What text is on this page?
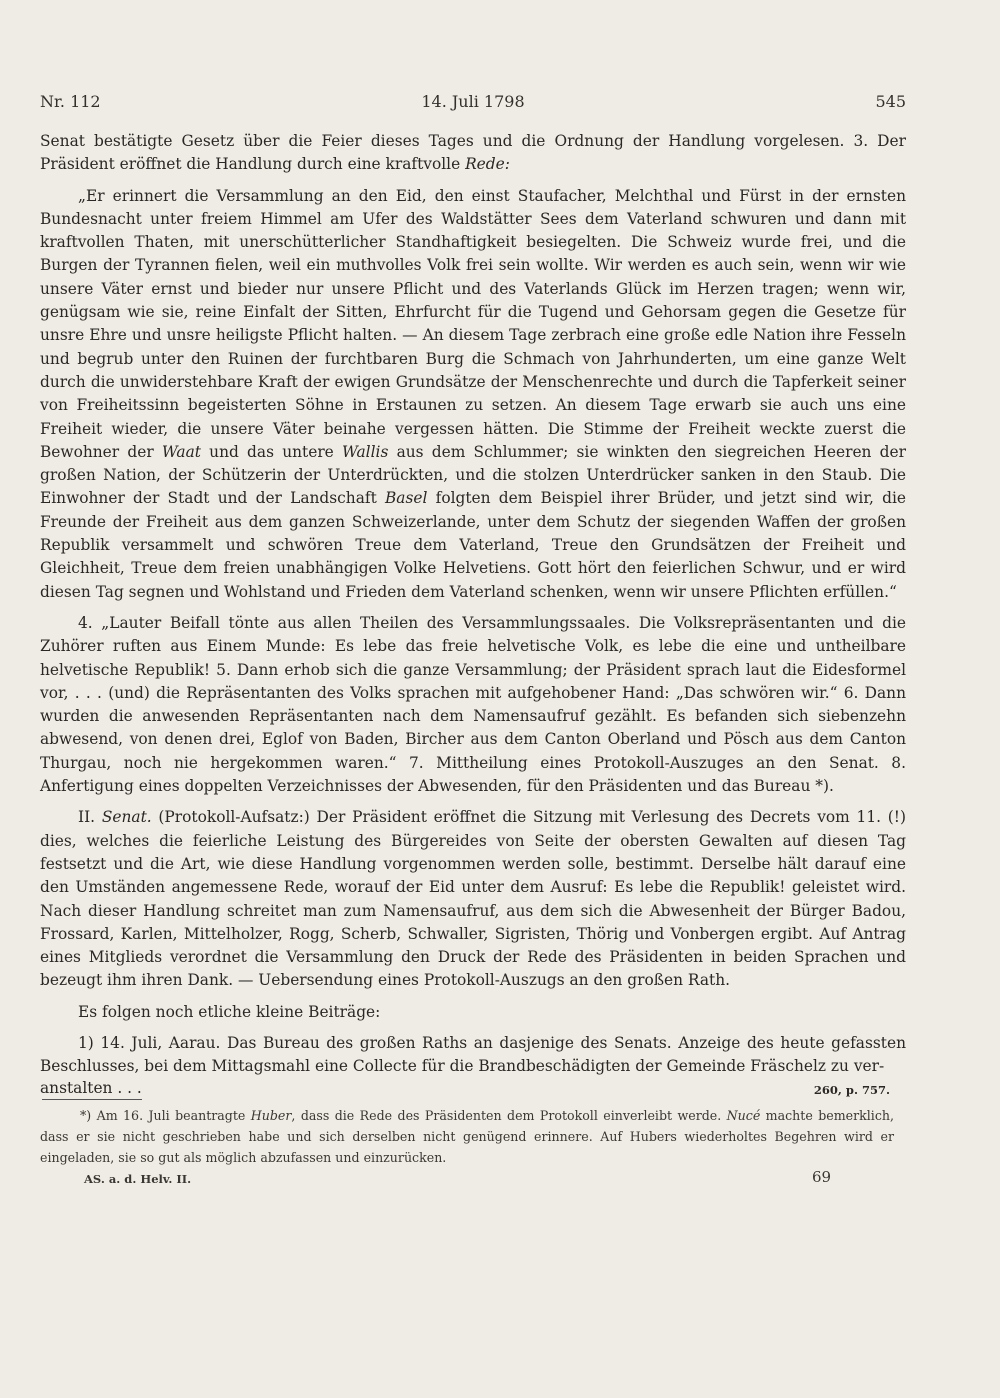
Nr. 112	14. Juli 1798	545

Senat bestätigte Gesetz über die Feier dieses Tages und die Ordnung der Handlung vorgelesen. 3. Der Präsident eröffnet die Handlung durch eine kraftvolle Rede:

„Er erinnert die Versammlung an den Eid, den einst Staufacher, Melchthal und Fürst in der ernsten Bundesnacht unter freiem Himmel am Ufer des Waldstätter Sees dem Vaterland schwuren und dann mit kraftvollen Thaten, mit unerschütterlicher Standhaftigkeit besiegelten. Die Schweiz wurde frei, und die Burgen der Tyrannen fielen, weil ein muthvolles Volk frei sein wollte. Wir werden es auch sein, wenn wir wie unsere Väter ernst und bieder nur unsere Pflicht und des Vaterlands Glück im Herzen tragen; wenn wir, genügsam wie sie, reine Einfalt der Sitten, Ehrfurcht für die Tugend und Gehorsam gegen die Gesetze für unsre Ehre und unsre heiligste Pflicht halten. — An diesem Tage zerbrach eine große edle Nation ihre Fesseln und begrub unter den Ruinen der furchtbaren Burg die Schmach von Jahrhunderten, um eine ganze Welt durch die unwiderstehbare Kraft der ewigen Grundsätze der Menschenrechte und durch die Tapferkeit seiner von Freiheitssinn begeisterten Söhne in Erstaunen zu setzen. An diesem Tage erwarb sie auch uns eine Freiheit wieder, die unsere Väter beinahe vergessen hätten. Die Stimme der Freiheit weckte zuerst die Bewohner der Waat und das untere Wallis aus dem Schlummer; sie winkten den siegreichen Heeren der großen Nation, der Schützerin der Unterdrückten, und die stolzen Unterdrücker sanken in den Staub. Die Einwohner der Stadt und der Landschaft Basel folgten dem Beispiel ihrer Brüder, und jetzt sind wir, die Freunde der Freiheit aus dem ganzen Schweizerlande, unter dem Schutz der siegenden Waffen der großen Republik versammelt und schwören Treue dem Vaterland, Treue den Grundsätzen der Freiheit und Gleichheit, Treue dem freien unabhängigen Volke Helvetiens. Gott hört den feierlichen Schwur, und er wird diesen Tag segnen und Wohlstand und Frieden dem Vaterland schenken, wenn wir unsere Pflichten erfüllen.“

4. „Lauter Beifall tönte aus allen Theilen des Versammlungssaales. Die Volksrepräsentanten und die Zuhörer ruften aus Einem Munde: Es lebe das freie helvetische Volk, es lebe die eine und untheilbare helvetische Republik! 5. Dann erhob sich die ganze Versammlung; der Präsident sprach laut die Eidesformel vor, . . . (und) die Repräsentanten des Volks sprachen mit aufgehobener Hand: „Das schwören wir.“ 6. Dann wurden die anwesenden Repräsentanten nach dem Namensaufruf gezählt. Es befanden sich siebenzehn abwesend, von denen drei, Eglof von Baden, Bircher aus dem Canton Oberland und Pösch aus dem Canton Thurgau, noch nie hergekommen waren.“ 7. Mittheilung eines Protokoll-Auszuges an den Senat. 8. Anfertigung eines doppelten Verzeichnisses der Abwesenden, für den Präsidenten und das Bureau *).

II. Senat. (Protokoll-Aufsatz:) Der Präsident eröffnet die Sitzung mit Verlesung des Decrets vom 11. (!) dies, welches die feierliche Leistung des Bürgereides von Seite der obersten Gewalten auf diesen Tag festsetzt und die Art, wie diese Handlung vorgenommen werden solle, bestimmt. Derselbe hält darauf eine den Umständen angemessene Rede, worauf der Eid unter dem Ausruf: Es lebe die Republik! geleistet wird. Nach dieser Handlung schreitet man zum Namensaufruf, aus dem sich die Abwesenheit der Bürger Badou, Frossard, Karlen, Mittelholzer, Rogg, Scherb, Schwaller, Sigristen, Thörig und Vonbergen ergibt. Auf Antrag eines Mitglieds verordnet die Versammlung den Druck der Rede des Präsidenten in beiden Sprachen und bezeugt ihm ihren Dank. — Uebersendung eines Protokoll-Auszugs an den großen Rath.

Es folgen noch etliche kleine Beiträge:

1) 14. Juli, Aarau. Das Bureau des großen Raths an dasjenige des Senats. Anzeige des heute gefassten Beschlusses, bei dem Mittagsmahl eine Collecte für die Brandbeschädigten der Gemeinde Fräschelz zu ver-

anstalten . . .	260, p. 757.

*) Am 16. Juli beantragte Huber, dass die Rede des Präsidenten dem Protokoll einverleibt werde. Nucé machte bemerklich, dass er sie nicht geschrieben habe und sich derselben nicht genügend erinnere. Auf Hubers wiederholtes Begehren wird er eingeladen, sie so gut als möglich abzufassen und einzurücken.

AS. a. d. Helv. II.	69
